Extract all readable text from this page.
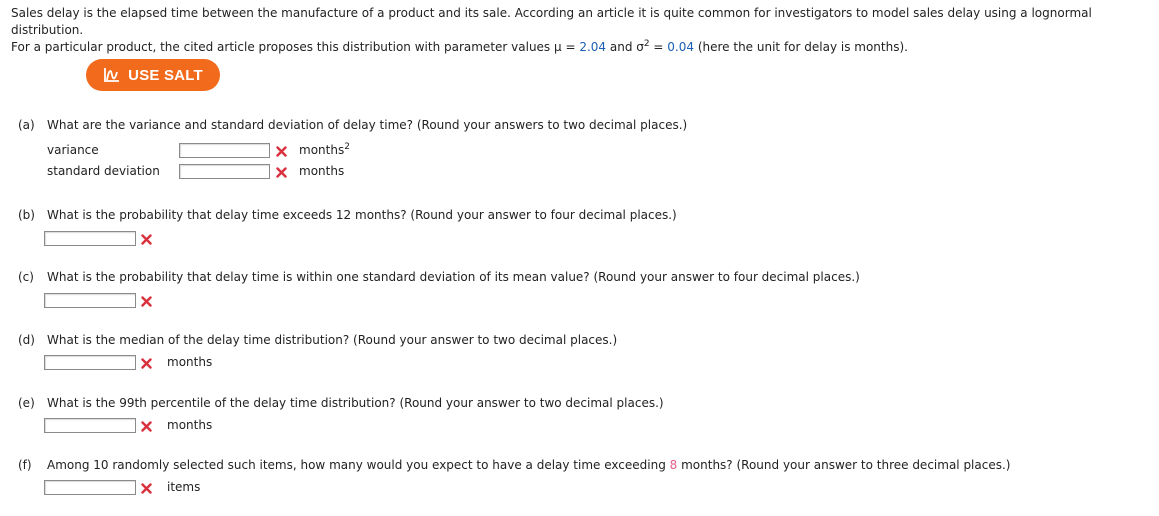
Sales delay is the elapsed time between the manufacture of a product and its sale. According an article it is quite common for investigators to model sales delay using a lognormal distribution.
For a particular product, the cited article proposes this distribution with parameter values μ = 2.04 and $\sigma^2 = 0.04$ (here the unit for delay is months).
USE SALT
(a) What are the variance and standard deviation of delay time? (Round your answers to two decimal places.)
variance	months$^2$
standard deviation	months
(b) What is the probability that delay time exceeds 12 months? (Round your answer to four decimal places.)
(c) What is the probability that delay time is within one standard deviation of its mean value? (Round your answer to four decimal places.)
(d) What is the median of the delay time distribution? (Round your answer to two decimal places.)
months
(e) What is the 99th percentile of the delay time distribution? (Round your answer to two decimal places.)
months
(f) Among 10 randomly selected such items, how many would you expect to have a delay time exceeding 8 months? (Round your answer to three decimal places.)
items
